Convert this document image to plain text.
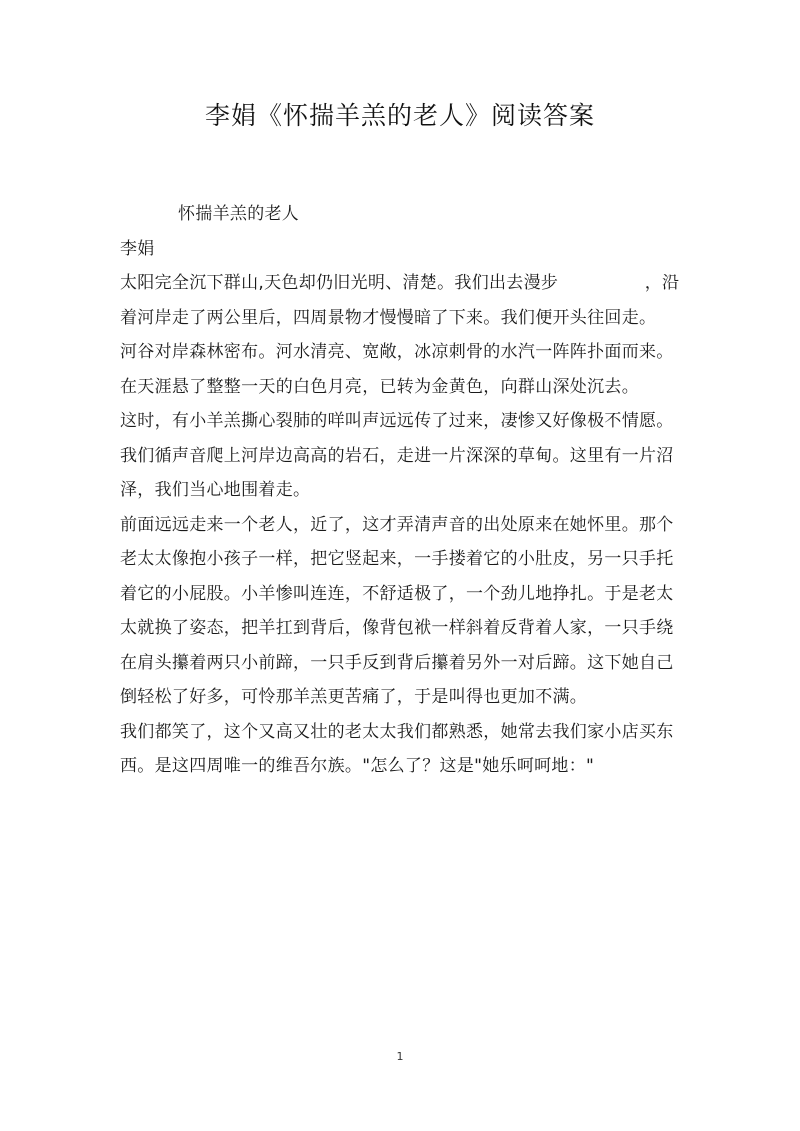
李娟《怀揣羊羔的老人》阅读答案

怀揣羊羔的老人

李娟

太阳完全沉下群山,天色却仍旧光明、清楚。我们出去漫步　　　　　，沿着河岸走了两公里后，四周景物才慢慢暗了下来。我们便开头往回走。

河谷对岸森林密布。河水清亮、宽敞，冰凉刺骨的水汽一阵阵扑面而来。在天涯悬了整整一天的白色月亮，已转为金黄色，向群山深处沉去。

这时，有小羊羔撕心裂肺的咩叫声远远传了过来，凄惨又好像极不情愿。我们循声音爬上河岸边高高的岩石，走进一片深深的草甸。这里有一片沼泽，我们当心地围着走。

前面远远走来一个老人，近了，这才弄清声音的出处原来在她怀里。那个老太太像抱小孩子一样，把它竖起来，一手搂着它的小肚皮，另一只手托着它的小屁股。小羊惨叫连连，不舒适极了，一个劲儿地挣扎。于是老太太就换了姿态，把羊扛到背后，像背包袱一样斜着反背着人家，一只手绕在肩头攥着两只小前蹄，一只手反到背后攥着另外一对后蹄。这下她自己倒轻松了好多，可怜那羊羔更苦痛了，于是叫得也更加不满。

我们都笑了，这个又高又壮的老太太我们都熟悉，她常去我们家小店买东西。是这四周唯一的维吾尔族。"怎么了？这是"她乐呵呵地："

1
